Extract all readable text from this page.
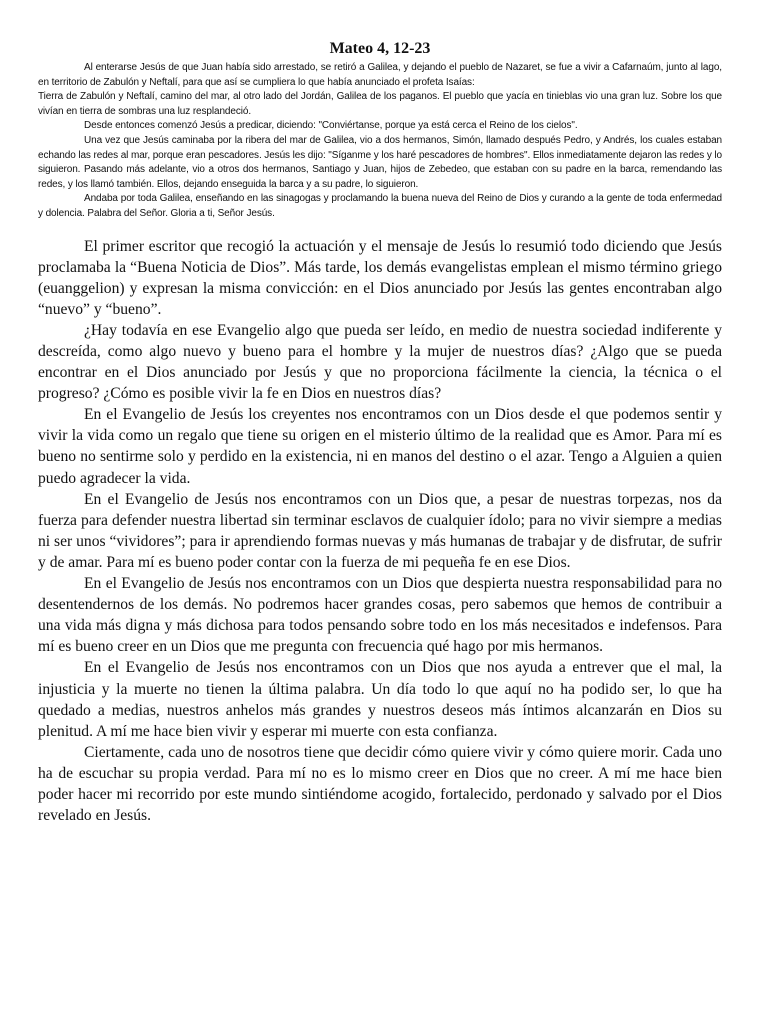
Mateo 4, 12-23

Al enterarse Jesús de que Juan había sido arrestado, se retiró a Galilea, y dejando el pueblo de Nazaret, se fue a vivir a Cafarnaúm, junto al lago, en territorio de Zabulón y Neftalí, para que así se cumpliera lo que había anunciado el profeta Isaías:

Tierra de Zabulón y Neftalí, camino del mar, al otro lado del Jordán, Galilea de los paganos. El pueblo que yacía en tinieblas vio una gran luz. Sobre los que vivían en tierra de sombras una luz resplandeció.

Desde entonces comenzó Jesús a predicar, diciendo: "Conviértanse, porque ya está cerca el Reino de los cielos".

Una vez que Jesús caminaba por la ribera del mar de Galilea, vio a dos hermanos, Simón, llamado después Pedro, y Andrés, los cuales estaban echando las redes al mar, porque eran pescadores. Jesús les dijo: "Síganme y los haré pescadores de hombres". Ellos inmediatamente dejaron las redes y lo siguieron. Pasando más adelante, vio a otros dos hermanos, Santiago y Juan, hijos de Zebedeo, que estaban con su padre en la barca, remendando las redes, y los llamó también. Ellos, dejando enseguida la barca y a su padre, lo siguieron.

Andaba por toda Galilea, enseñando en las sinagogas y proclamando la buena nueva del Reino de Dios y curando a la gente de toda enfermedad y dolencia. Palabra del Señor. Gloria a ti, Señor Jesús.

El primer escritor que recogió la actuación y el mensaje de Jesús lo resumió todo diciendo que Jesús proclamaba la “Buena Noticia de Dios”. Más tarde, los demás evangelistas emplean el mismo término griego (euanggelion) y expresan la misma convicción: en el Dios anunciado por Jesús las gentes encontraban algo “nuevo” y “bueno”.

¿Hay todavía en ese Evangelio algo que pueda ser leído, en medio de nuestra sociedad indiferente y descreída, como algo nuevo y bueno para el hombre y la mujer de nuestros días? ¿Algo que se pueda encontrar en el Dios anunciado por Jesús y que no proporciona fácilmente la ciencia, la técnica o el progreso? ¿Cómo es posible vivir la fe en Dios en nuestros días?

En el Evangelio de Jesús los creyentes nos encontramos con un Dios desde el que podemos sentir y vivir la vida como un regalo que tiene su origen en el misterio último de la realidad que es Amor. Para mí es bueno no sentirme solo y perdido en la existencia, ni en manos del destino o el azar. Tengo a Alguien a quien puedo agradecer la vida.

En el Evangelio de Jesús nos encontramos con un Dios que, a pesar de nuestras torpezas, nos da fuerza para defender nuestra libertad sin terminar esclavos de cualquier ídolo; para no vivir siempre a medias ni ser unos “vividores”; para ir aprendiendo formas nuevas y más humanas de trabajar y de disfrutar, de sufrir y de amar. Para mí es bueno poder contar con la fuerza de mi pequeña fe en ese Dios.

En el Evangelio de Jesús nos encontramos con un Dios que despierta nuestra responsabilidad para no desentendernos de los demás. No podremos hacer grandes cosas, pero sabemos que hemos de contribuir a una vida más digna y más dichosa para todos pensando sobre todo en los más necesitados e indefensos. Para mí es bueno creer en un Dios que me pregunta con frecuencia qué hago por mis hermanos.

En el Evangelio de Jesús nos encontramos con un Dios que nos ayuda a entrever que el mal, la injusticia y la muerte no tienen la última palabra. Un día todo lo que aquí no ha podido ser, lo que ha quedado a medias, nuestros anhelos más grandes y nuestros deseos más íntimos alcanzarán en Dios su plenitud. A mí me hace bien vivir y esperar mi muerte con esta confianza.

Ciertamente, cada uno de nosotros tiene que decidir cómo quiere vivir y cómo quiere morir. Cada uno ha de escuchar su propia verdad. Para mí no es lo mismo creer en Dios que no creer. A mí me hace bien poder hacer mi recorrido por este mundo sintiéndome acogido, fortalecido, perdonado y salvado por el Dios revelado en Jesús.
